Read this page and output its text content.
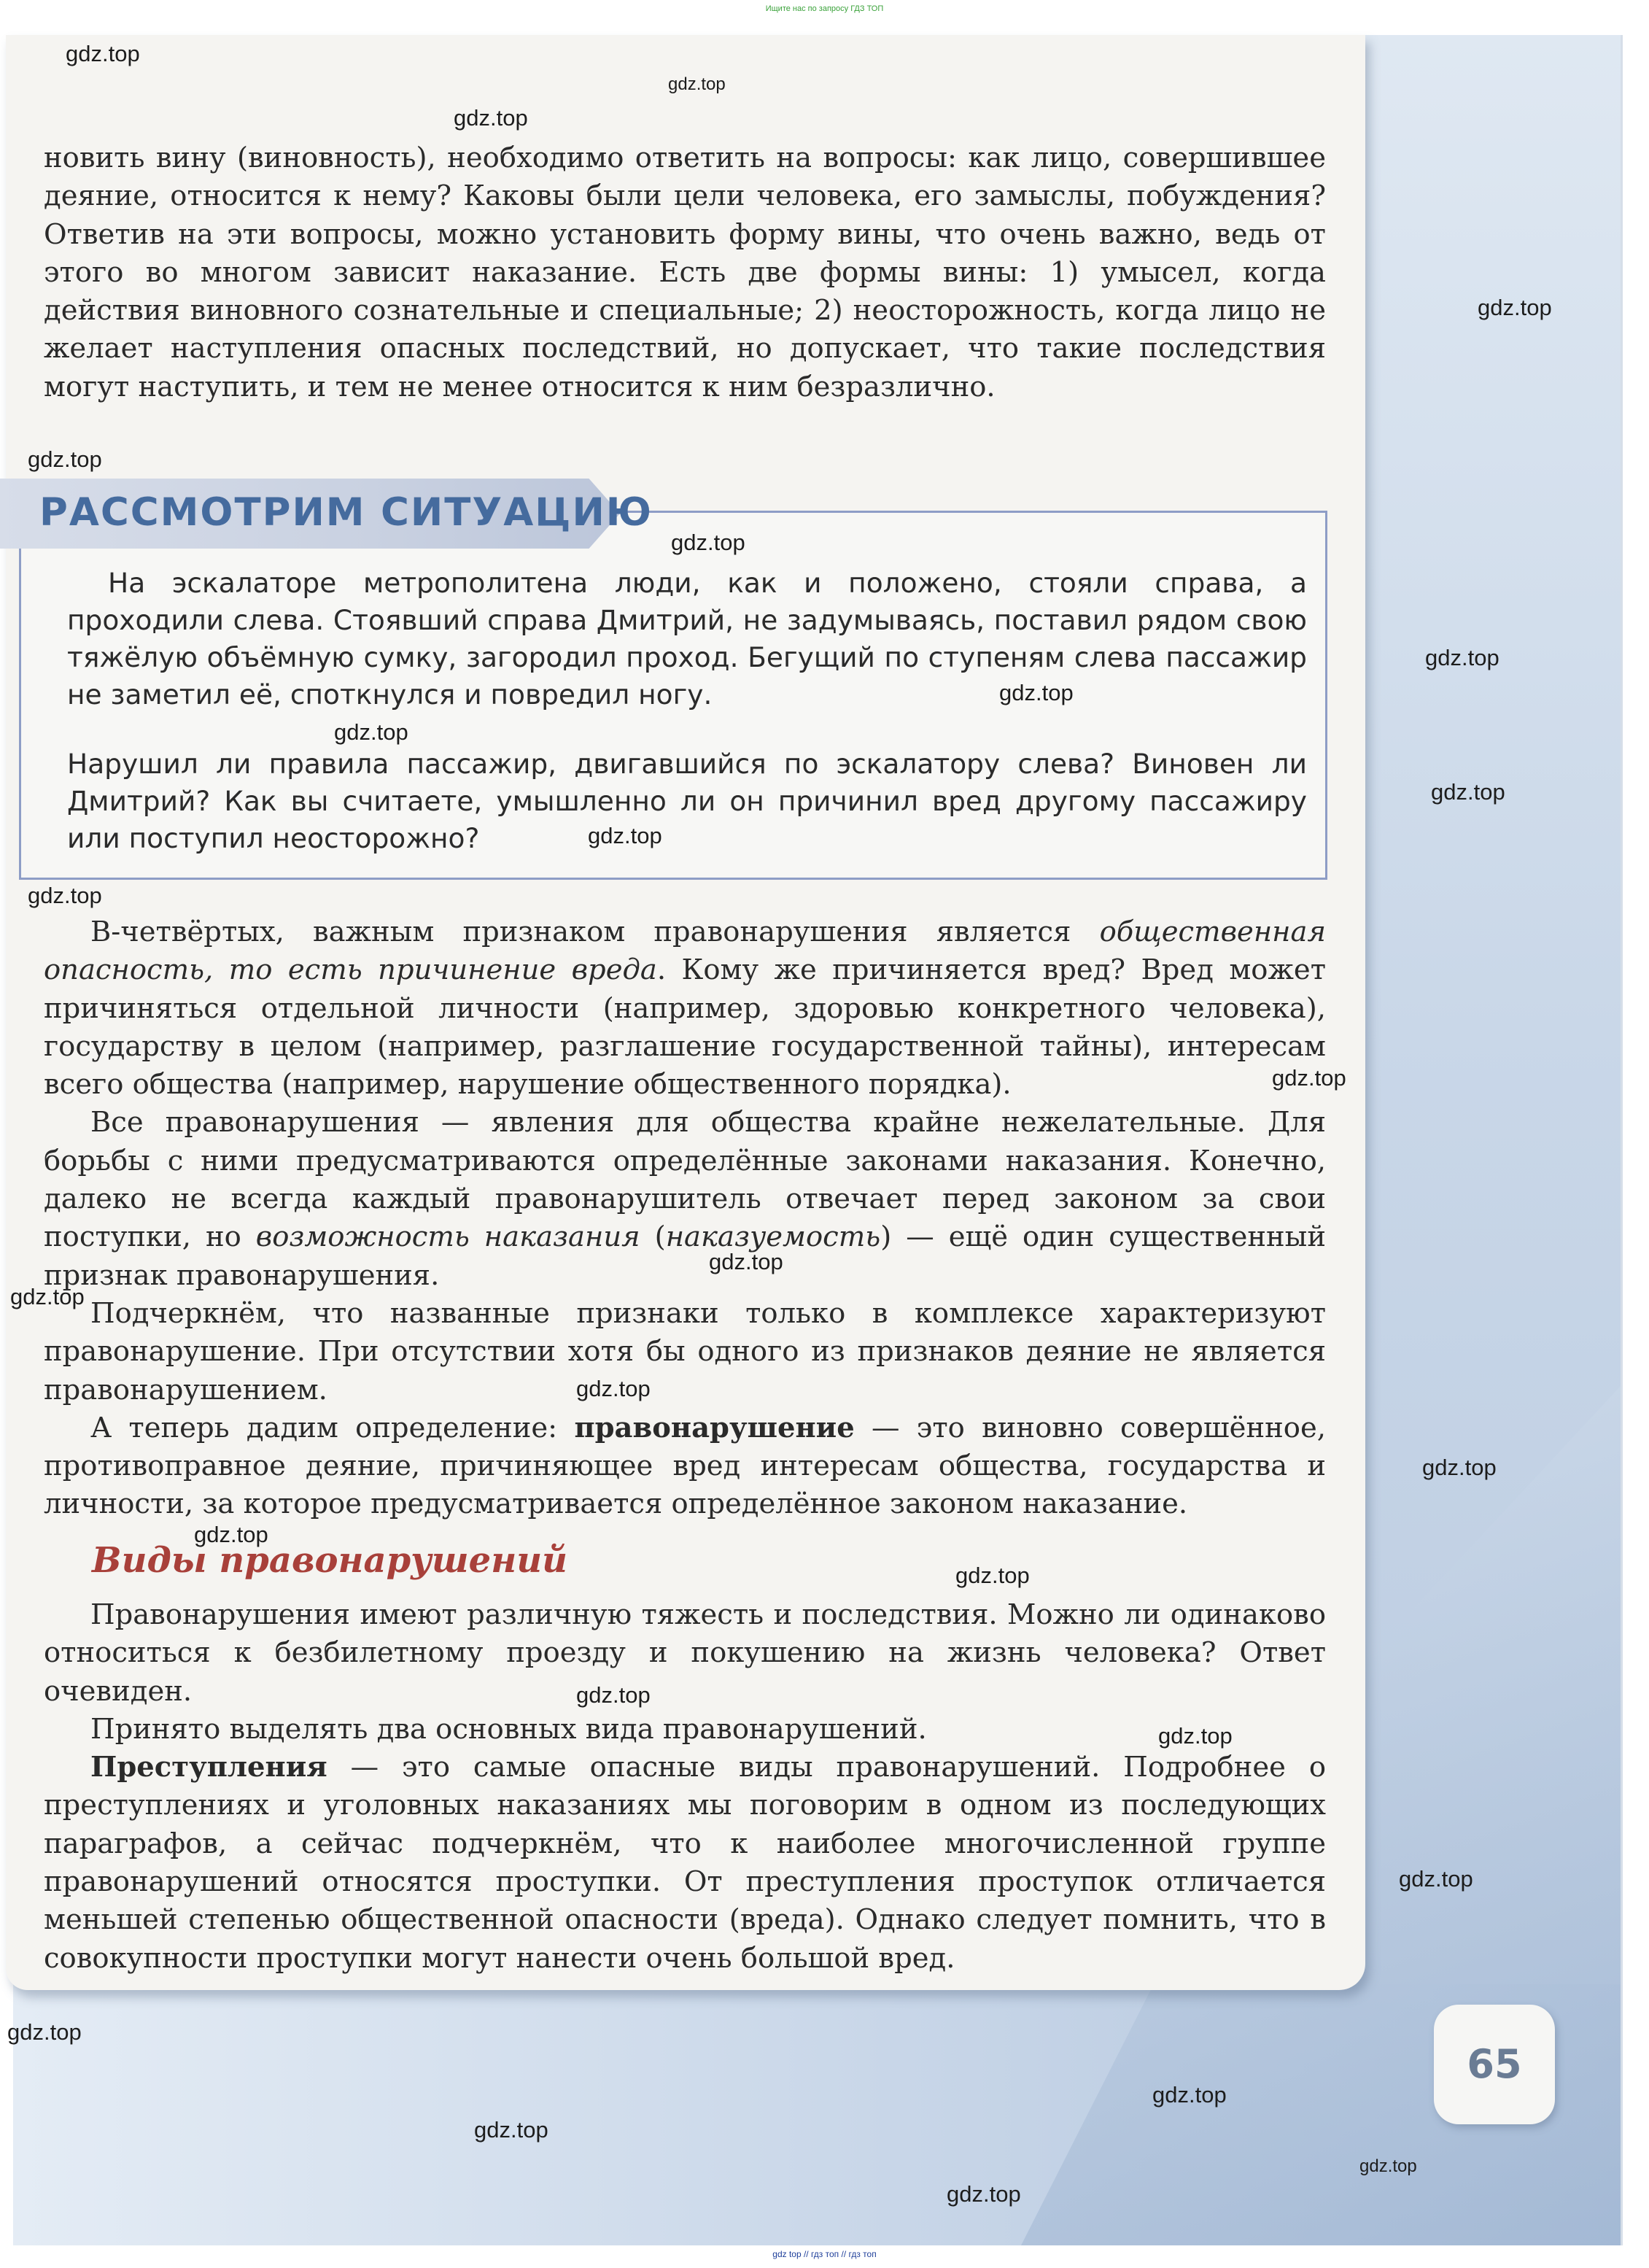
Ищите нас по запросу ГДЗ ТОП

новить вину (виновность), необходимо ответить на вопросы: как лицо, совершившее деяние, относится к нему? Каковы были цели человека, его замыслы, побуждения? Ответив на эти вопросы, можно установить форму вины, что очень важно, ведь от этого во многом зависит наказание. Есть две формы вины: 1) умысел, когда действия виновного сознательные и специальные; 2) неосторожность, когда лицо не желает наступления опасных последствий, но допускает, что такие последствия могут наступить, и тем не менее относится к ним безразлично.

РАССМОТРИМ СИТУАЦИЮ

На эскалаторе метрополитена люди, как и положено, стояли справа, а проходили слева. Стоявший справа Дмитрий, не задумываясь, поставил рядом свою тяжёлую объёмную сумку, загородил проход. Бегущий по ступеням слева пассажир не заметил её, споткнулся и повредил ногу.

Нарушил ли правила пассажир, двигавшийся по эскалатору слева? Виновен ли Дмитрий? Как вы считаете, умышленно ли он причинил вред другому пассажиру или поступил неосторожно?

В-четвёртых, важным признаком правонарушения является общественная опасность, то есть причинение вреда. Кому же причиняется вред? Вред может причиняться отдельной личности (например, здоровью конкретного человека), государству в целом (например, разглашение государственной тайны), интересам всего общества (например, нарушение общественного порядка).

Все правонарушения — явления для общества крайне нежелательные. Для борьбы с ними предусматриваются определённые законами наказания. Конечно, далеко не всегда каждый правонарушитель отвечает перед законом за свои поступки, но возможность наказания (наказуемость) — ещё один существенный признак правонарушения.

Подчеркнём, что названные признаки только в комплексе характеризуют правонарушение. При отсутствии хотя бы одного из признаков деяние не является правонарушением.

А теперь дадим определение: правонарушение — это виновно совершённое, противоправное деяние, причиняющее вред интересам общества, государства и личности, за которое предусматривается определённое законом наказание.

Виды правонарушений

Правонарушения имеют различную тяжесть и последствия. Можно ли одинаково относиться к безбилетному проезду и покушению на жизнь человека? Ответ очевиден.

Принято выделять два основных вида правонарушений.

Преступления — это самые опасные виды правонарушений. Подробнее о преступлениях и уголовных наказаниях мы поговорим в одном из последующих параграфов, а сейчас подчеркнём, что к наиболее многочисленной группе правонарушений относятся проступки. От преступления проступок отличается меньшей степенью общественной опасности (вреда). Однако следует помнить, что в совокупности проступки могут нанести очень большой вред.

65
gdz.top
gdz.top
gdz.top
gdz.top
gdz.top
gdz.top
gdz.top
gdz.top
gdz.top
gdz.top
gdz.top
gdz.top
gdz.top
gdz.top
gdz.top
gdz.top
gdz.top
gdz.top
gdz.top
gdz.top
gdz.top
gdz.top
gdz.top
gdz.top
gdz.top
gdz.top
gdz.top
gdz top // гдз топ // гдз топ
